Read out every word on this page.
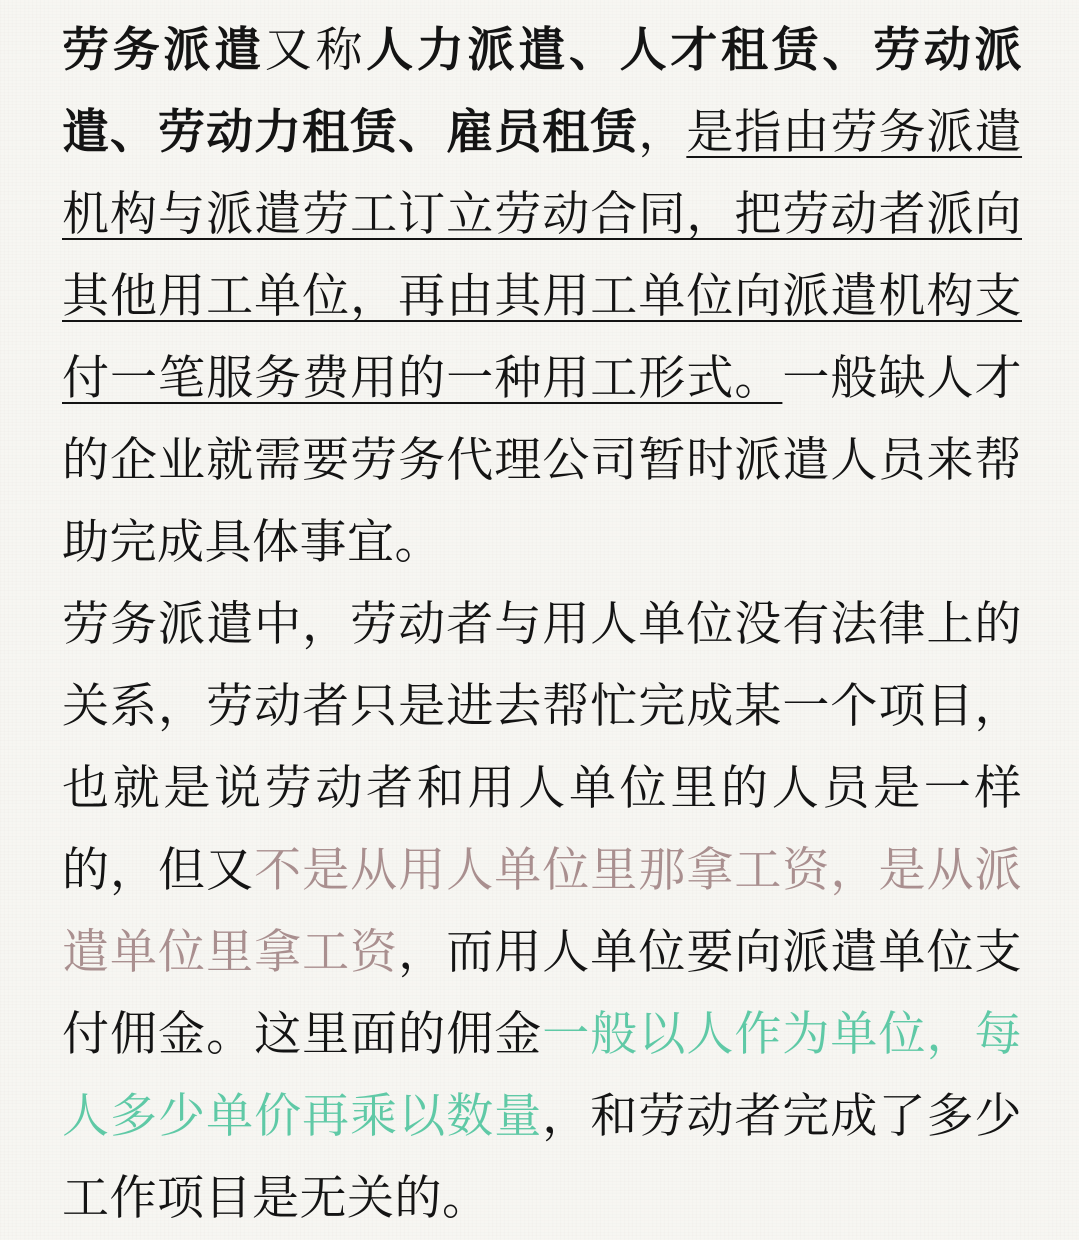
劳务派遣又称人力派遣、人才租赁、劳动派遣、劳动力租赁、雇员租赁，是指由劳务派遣机构与派遣劳工订立劳动合同，把劳动者派向其他用工单位，再由其用工单位向派遣机构支付一笔服务费用的一种用工形式。一般缺人才的企业就需要劳务代理公司暂时派遣人员来帮助完成具体事宜。

劳务派遣中，劳动者与用人单位没有法律上的关系，劳动者只是进去帮忙完成某一个项目，也就是说劳动者和用人单位里的人员是一样的，但又不是从用人单位里那拿工资，是从派遣单位里拿工资，而用人单位要向派遣单位支付佣金。这里面的佣金一般以人作为单位，每人多少单价再乘以数量，和劳动者完成了多少工作项目是无关的。
